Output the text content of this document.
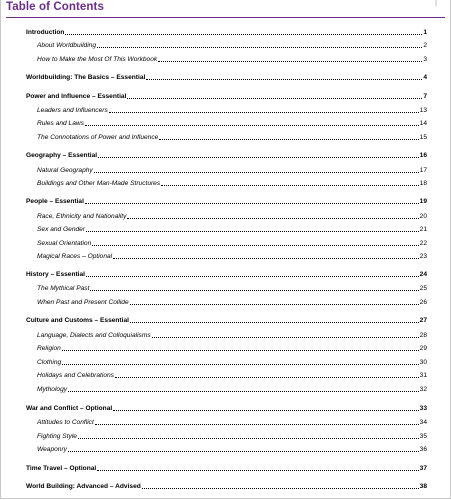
Table of Contents	|
Introduction	1
About Worldbuilding	2
How to Make the Most Of This Workbook	3
Worldbuilding: The Basics – Essential	4
Power and Influence – Essential	7
Leaders and Influencers	13
Rules and Laws	14
The Connotations of Power and Influence	15
Geography – Essential	16
Natural Geography	17
Buildings and Other Man-Made Structures	18
People – Essential	19
Race, Ethnicity and Nationality	20
Sex and Gender	21
Sexual Orientation	22
Magical Races – Optional	23
History – Essential	24
The Mythical Past	25
When Past and Present Collide	26
Culture and Customs – Essential	27
Language, Dialects and Colloquialisms	28
Religion	29
Clothing	30
Holidays and Celebrations	31
Mythology	32
War and Conflict – Optional	33
Attitudes to Conflict	34
Fighting Style	35
Weaponry	36
Time Travel – Optional	37
World Building: Advanced – Advised	38
